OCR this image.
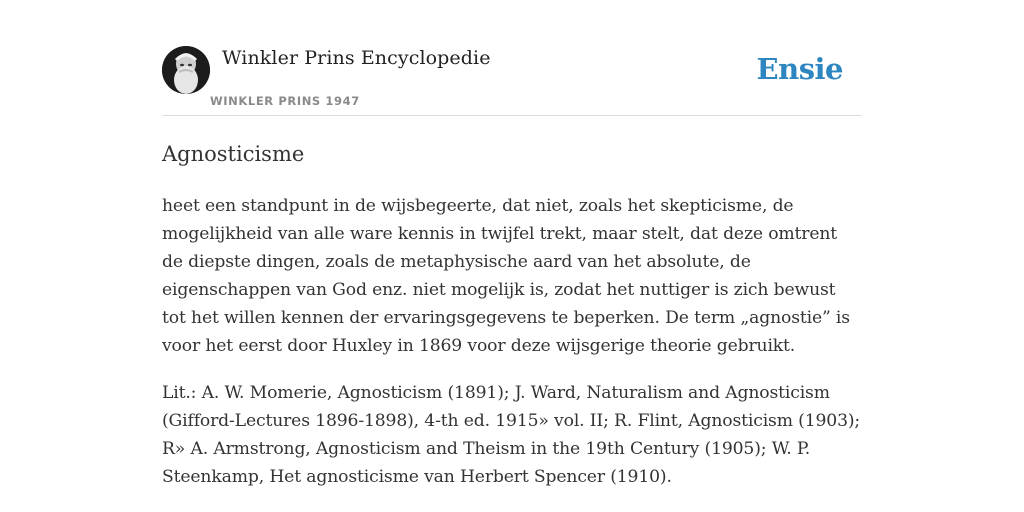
Winkler Prins Encyclopedie
WINKLER PRINS 1947
Ensie
Agnosticisme

heet een standpunt in de wijsbegeerte, dat niet, zoals het skepticisme, de mogelijkheid van alle ware kennis in twijfel trekt, maar stelt, dat deze omtrent de diepste dingen, zoals de metaphysische aard van het absolute, de eigenschappen van God enz. niet mogelijk is, zodat het nuttiger is zich bewust tot het willen kennen der ervaringsgegevens te beperken. De term „agnostie” is voor het eerst door Huxley in 1869 voor deze wijsgerige theorie gebruikt.

Lit.: A. W. Momerie, Agnosticism (1891); J. Ward, Naturalism and Agnosticism (Gifford-Lectures 1896-1898), 4-th ed. 1915» vol. II; R. Flint, Agnosticism (1903); R» A. Armstrong, Agnosticism and Theism in the 19th Century (1905); W. P. Steenkamp, Het agnosticisme van Herbert Spencer (1910).
